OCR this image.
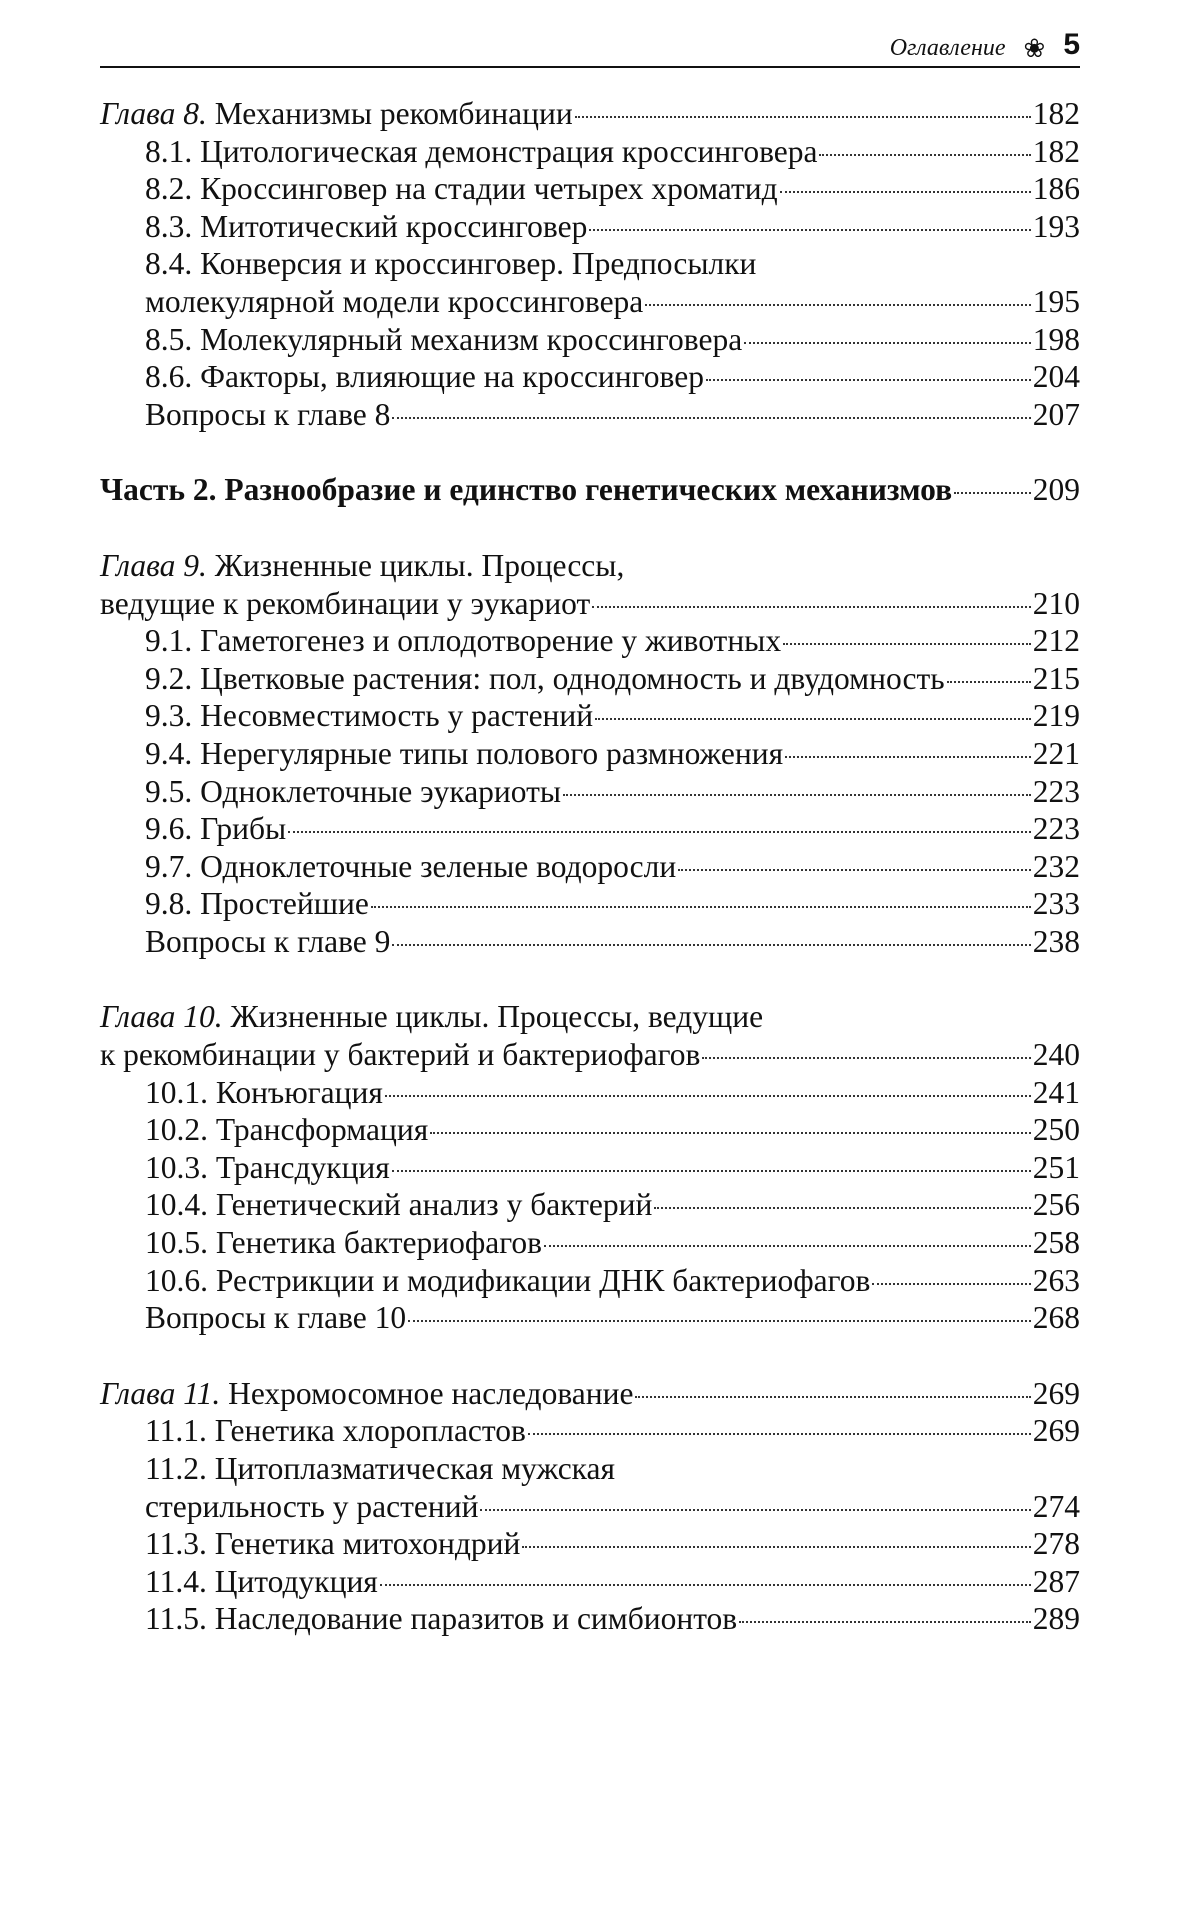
Оглавление ❀ 5
Глава 8. Механизмы рекомбинации	182
8.1. Цитологическая демонстрация кроссинговера	182
8.2. Кроссинговер на стадии четырех хроматид	186
8.3. Митотический кроссинговер	193
8.4. Конверсия и кроссинговер. Предпосылки
молекулярной модели кроссинговера	195
8.5. Молекулярный механизм кроссинговера	198
8.6. Факторы, влияющие на кроссинговер	204
Вопросы к главе 8	207
Часть 2. Разнообразие и единство генетических механизмов	209
Глава 9. Жизненные циклы. Процессы,
ведущие к рекомбинации у эукариот	210
9.1. Гаметогенез и оплодотворение у животных	212
9.2. Цветковые растения: пол, однодомность и двудомность	215
9.3. Несовместимость у растений	219
9.4. Нерегулярные типы полового размножения	221
9.5. Одноклеточные эукариоты	223
9.6. Грибы	223
9.7. Одноклеточные зеленые водоросли	232
9.8. Простейшие	233
Вопросы к главе 9	238
Глава 10. Жизненные циклы. Процессы, ведущие
к рекомбинации у бактерий и бактериофагов	240
10.1. Конъюгация	241
10.2. Трансформация	250
10.3. Трансдукция	251
10.4. Генетический анализ у бактерий	256
10.5. Генетика бактериофагов	258
10.6. Рестрикции и модификации ДНК бактериофагов	263
Вопросы к главе 10	268
Глава 11. Нехромосомное наследование	269
11.1. Генетика хлоропластов	269
11.2. Цитоплазматическая мужская
стерильность у растений	274
11.3. Генетика митохондрий	278
11.4. Цитодукция	287
11.5. Наследование паразитов и симбионтов	289
